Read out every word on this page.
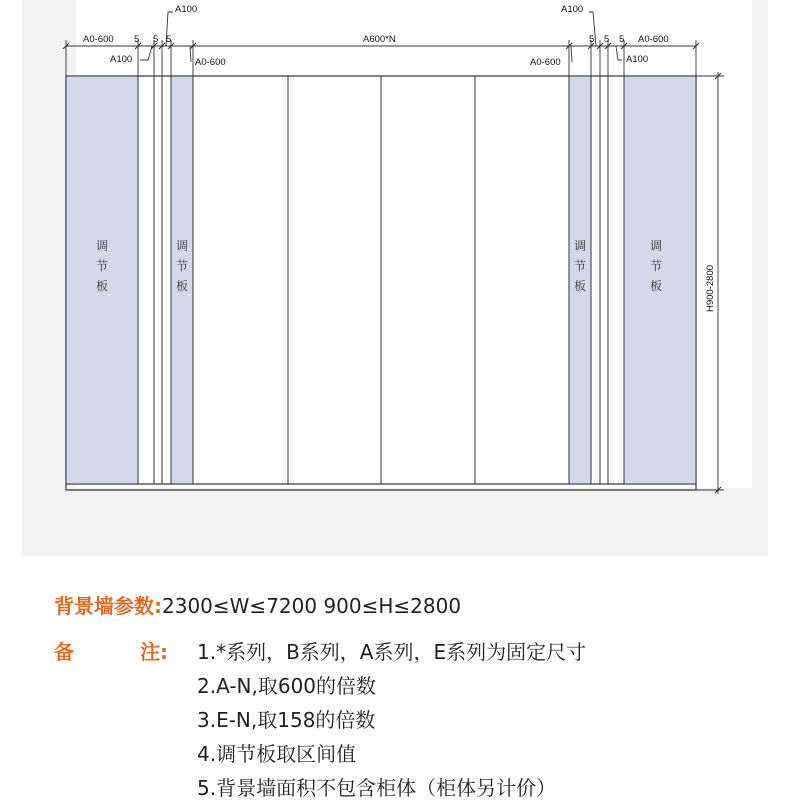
调
节
板
调
节
板
调
节
板
调
节
板
A0-600 5 5 5
A100
A100	A0-600
A600*N
A100
A0-600
5 5 5 A0-600
A100
H900-2800
背景墙参数:2300≤W≤7200 900≤H≤2800
备	注: 1.*系列，B系列，A系列，E系列为固定尺寸
2.A-N,取600的倍数
3.E-N,取158的倍数
4.调节板取区间值
5.背景墙面积不包含柜体（柜体另计价）
